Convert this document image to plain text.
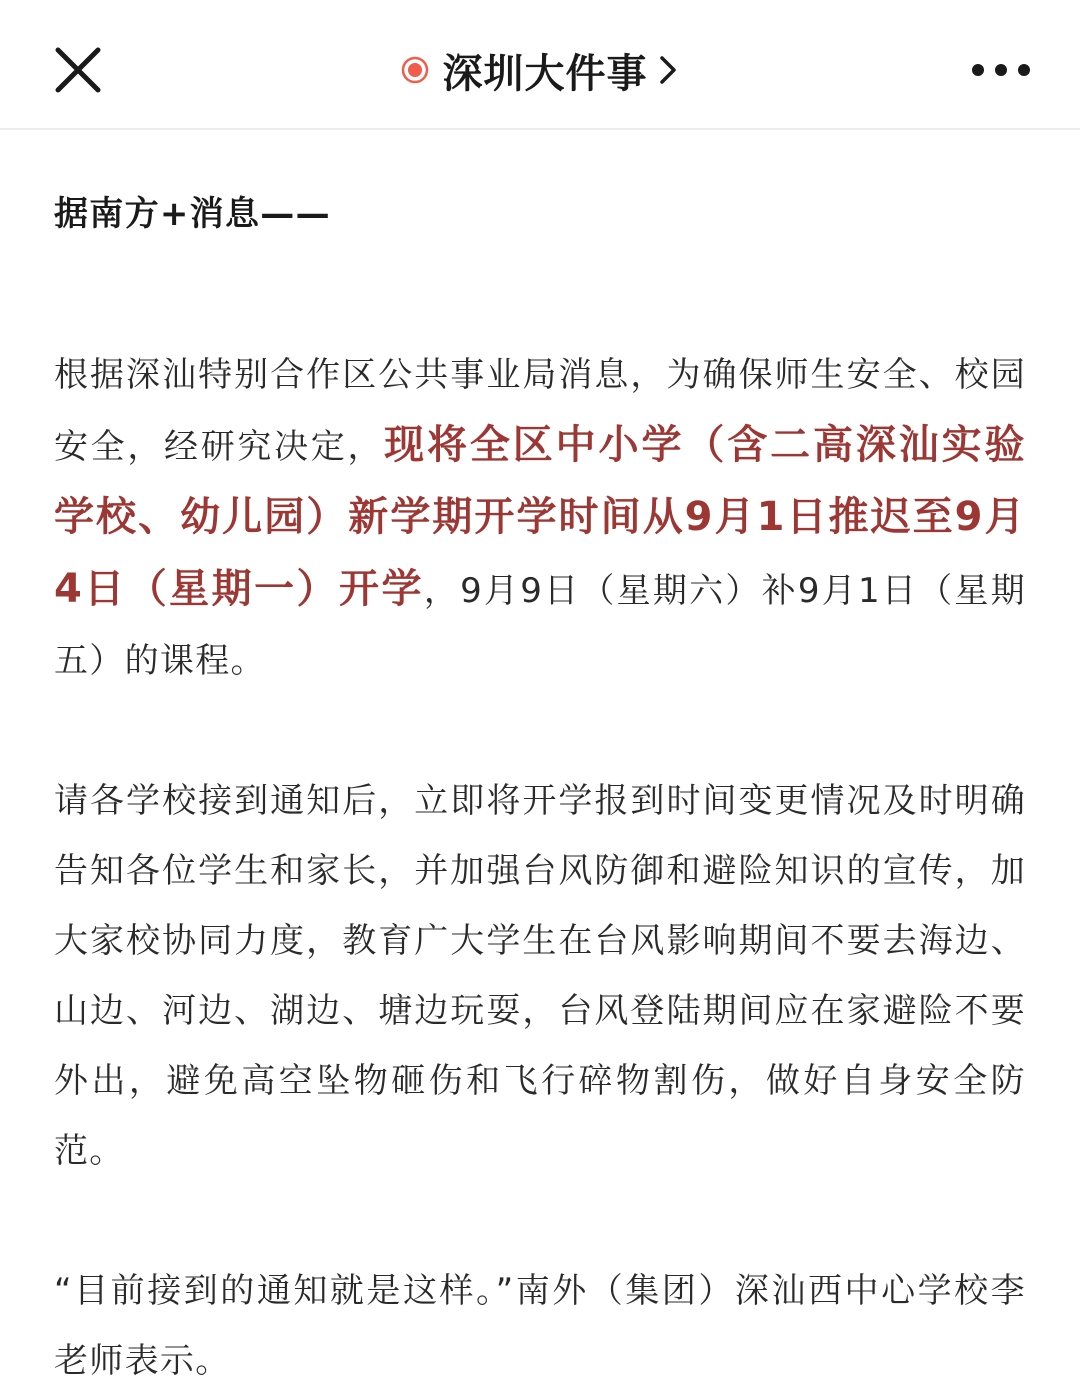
深圳大件事

据南方+消息——

根据深汕特别合作区公共事业局消息，为确保师生安全、校园安全，经研究决定，现将全区中小学（含二高深汕实验学校、幼儿园）新学期开学时间从9月1日推迟至9月4日（星期一）开学，9月9日（星期六）补9月1日（星期五）的课程。

请各学校接到通知后，立即将开学报到时间变更情况及时明确告知各位学生和家长，并加强台风防御和避险知识的宣传，加大家校协同力度，教育广大学生在台风影响期间不要去海边、山边、河边、湖边、塘边玩耍，台风登陆期间应在家避险不要外出，避免高空坠物砸伤和飞行碎物割伤，做好自身安全防范。

“目前接到的通知就是这样。”南外（集团）深汕西中心学校李老师表示。
